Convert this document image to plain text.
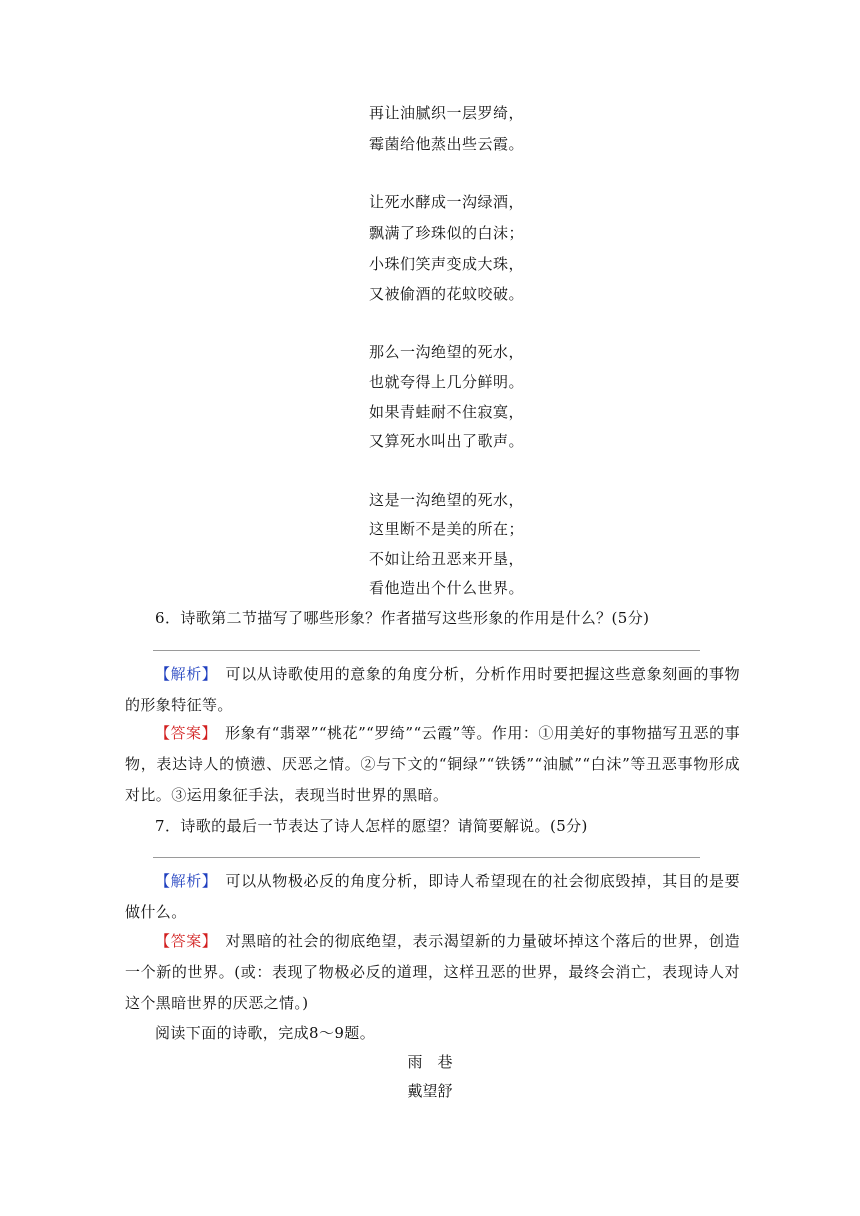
再让油腻织一层罗绮，
霉菌给他蒸出些云霞。
让死水酵成一沟绿酒，
飘满了珍珠似的白沫；
小珠们笑声变成大珠，
又被偷酒的花蚊咬破。
那么一沟绝望的死水，
也就夸得上几分鲜明。
如果青蛙耐不住寂寞，
又算死水叫出了歌声。
这是一沟绝望的死水，
这里断不是美的所在；
不如让给丑恶来开垦，
看他造出个什么世界。
6．诗歌第二节描写了哪些形象？作者描写这些形象的作用是什么？(5分)

【解析】　可以从诗歌使用的意象的角度分析，分析作用时要把握这些意象刻画的事物的形象特征等。

【答案】　形象有“翡翠”“桃花”“罗绮”“云霞”等。作用：①用美好的事物描写丑恶的事物，表达诗人的愤懑、厌恶之情。②与下文的“铜绿”“铁锈”“油腻”“白沫”等丑恶事物形成对比。③运用象征手法，表现当时世界的黑暗。

7．诗歌的最后一节表达了诗人怎样的愿望？请简要解说。(5分)

【解析】　可以从物极必反的角度分析，即诗人希望现在的社会彻底毁掉，其目的是要做什么。

【答案】　对黑暗的社会的彻底绝望，表示渴望新的力量破坏掉这个落后的世界，创造一个新的世界。(或：表现了物极必反的道理，这样丑恶的世界，最终会消亡，表现诗人对这个黑暗世界的厌恶之情。)

阅读下面的诗歌，完成8～9题。
雨　巷
戴望舒
